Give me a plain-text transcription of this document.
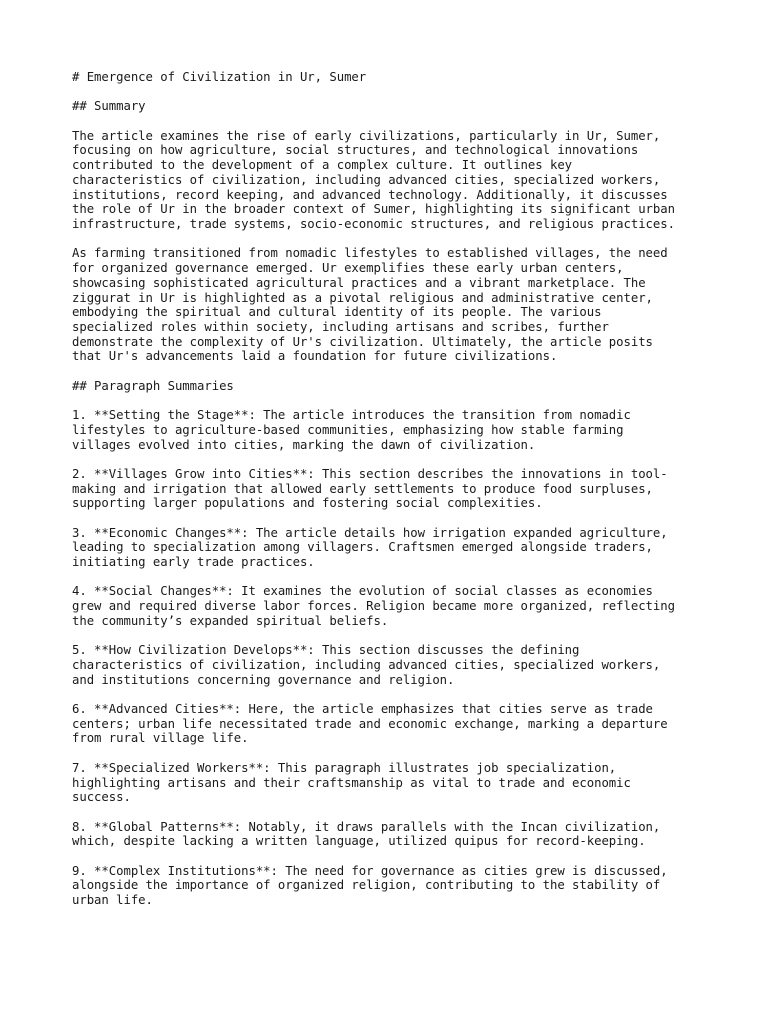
# Emergence of Civilization in Ur, Sumer

## Summary

The article examines the rise of early civilizations, particularly in Ur, Sumer,
focusing on how agriculture, social structures, and technological innovations
contributed to the development of a complex culture. It outlines key
characteristics of civilization, including advanced cities, specialized workers,
institutions, record keeping, and advanced technology. Additionally, it discusses
the role of Ur in the broader context of Sumer, highlighting its significant urban
infrastructure, trade systems, socio-economic structures, and religious practices.

As farming transitioned from nomadic lifestyles to established villages, the need
for organized governance emerged. Ur exemplifies these early urban centers,
showcasing sophisticated agricultural practices and a vibrant marketplace. The
ziggurat in Ur is highlighted as a pivotal religious and administrative center,
embodying the spiritual and cultural identity of its people. The various
specialized roles within society, including artisans and scribes, further
demonstrate the complexity of Ur's civilization. Ultimately, the article posits
that Ur's advancements laid a foundation for future civilizations.

## Paragraph Summaries

1. **Setting the Stage**: The article introduces the transition from nomadic
lifestyles to agriculture-based communities, emphasizing how stable farming
villages evolved into cities, marking the dawn of civilization.

2. **Villages Grow into Cities**: This section describes the innovations in tool-
making and irrigation that allowed early settlements to produce food surpluses,
supporting larger populations and fostering social complexities.

3. **Economic Changes**: The article details how irrigation expanded agriculture,
leading to specialization among villagers. Craftsmen emerged alongside traders,
initiating early trade practices.

4. **Social Changes**: It examines the evolution of social classes as economies
grew and required diverse labor forces. Religion became more organized, reflecting
the community’s expanded spiritual beliefs.

5. **How Civilization Develops**: This section discusses the defining
characteristics of civilization, including advanced cities, specialized workers,
and institutions concerning governance and religion.

6. **Advanced Cities**: Here, the article emphasizes that cities serve as trade
centers; urban life necessitated trade and economic exchange, marking a departure
from rural village life.

7. **Specialized Workers**: This paragraph illustrates job specialization,
highlighting artisans and their craftsmanship as vital to trade and economic
success.

8. **Global Patterns**: Notably, it draws parallels with the Incan civilization,
which, despite lacking a written language, utilized quipus for record-keeping.

9. **Complex Institutions**: The need for governance as cities grew is discussed,
alongside the importance of organized religion, contributing to the stability of
urban life.
